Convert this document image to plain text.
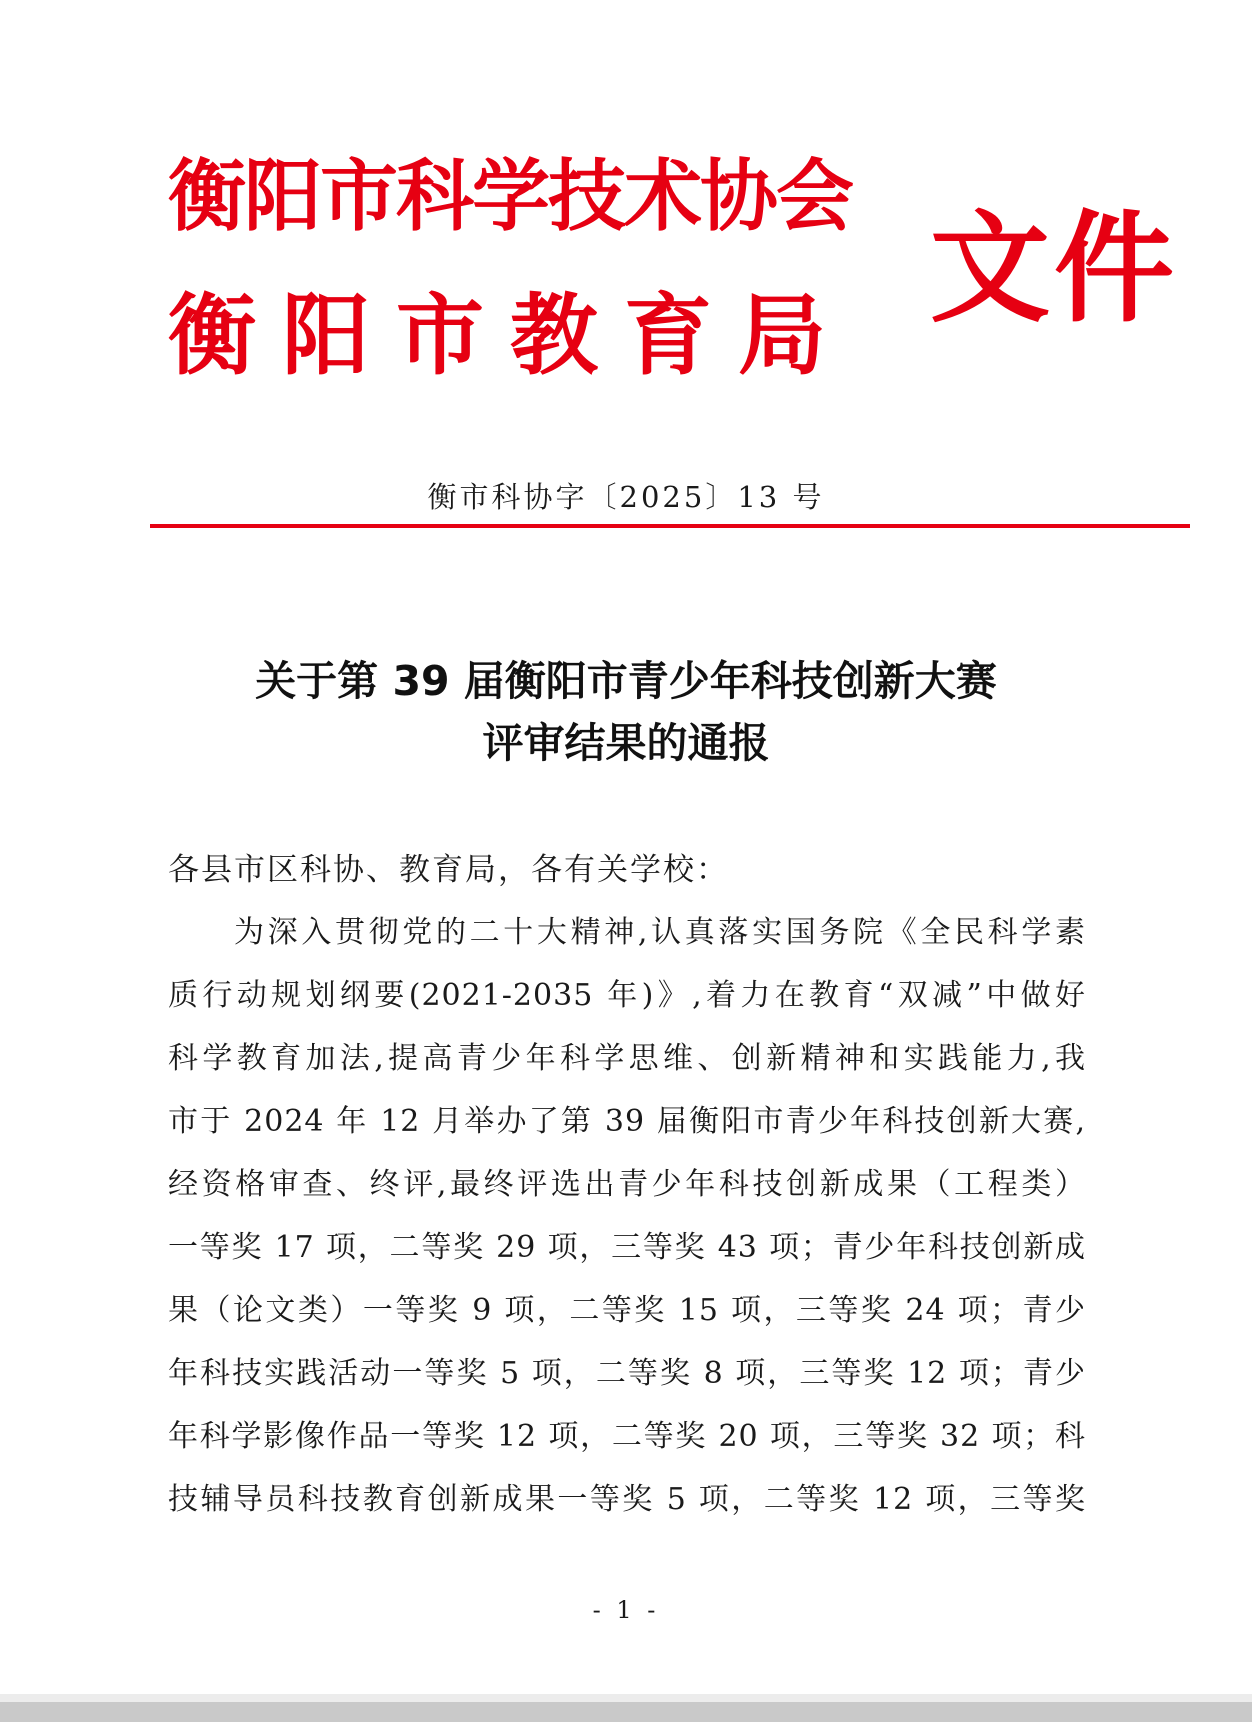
衡阳市科学技术协会
衡阳市教育局 文件
衡市科协字〔2025〕13 号
关于第 39 届衡阳市青少年科技创新大赛
评审结果的通报
各县市区科协、教育局，各有关学校：
为深入贯彻党的二十大精神,认真落实国务院《全民科学素
质行动规划纲要(2021-2035 年)》,着力在教育“双减”中做好
科学教育加法,提高青少年科学思维、创新精神和实践能力,我
市于 2024 年 12 月举办了第 39 届衡阳市青少年科技创新大赛,
经资格审查、终评,最终评选出青少年科技创新成果（工程类）
一等奖 17 项，二等奖 29 项，三等奖 43 项；青少年科技创新成
果（论文类）一等奖 9 项，二等奖 15 项，三等奖 24 项；青少
年科技实践活动一等奖 5 项，二等奖 8 项，三等奖 12 项；青少
年科学影像作品一等奖 12 项，二等奖 20 项，三等奖 32 项；科
技辅导员科技教育创新成果一等奖 5 项，二等奖 12 项，三等奖
- 1 -
